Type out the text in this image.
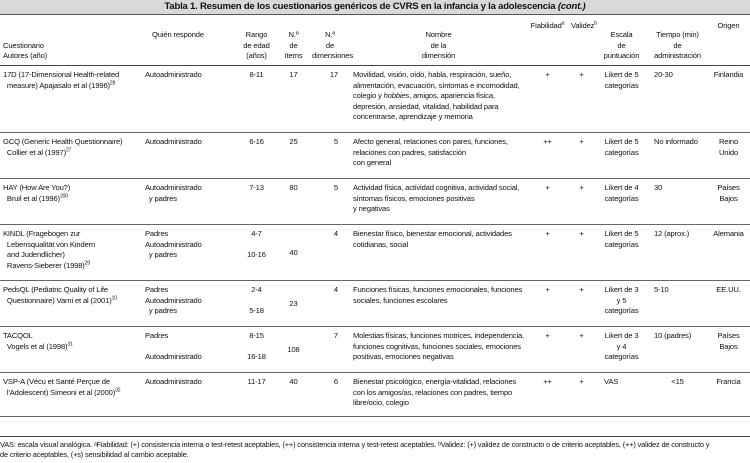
Tabla 1. Resumen de los cuestionarios genéricos de CVRS en la infancia y la adolescencia (cont.)
Cuestionario
Autores (año)	Quién responde	Rango
de edad
(años)	N.º
de
ítems	N.º
de
dimensiones	Nombre
de la
dimensión	Fiabilidad$^a$	Validez$^b$	Escala
de
puntuación	Tiempo (min)
de
administración	Origen
17D (17-Dimensional Health-related
measure) Apajasalo et al $(1996)^{28}$	Autoadministrado	8-11	17	17	Movilidad, visión, oído, habla, respiración, sueño,
alimentación, evacuación, síntomas e incomodidad,
colegio y hobbies, amigos, apariencia física,
depresión, ansiedad, vitalidad, habilidad para
concentrarse, aprendizaje y memoria	+	+	Likert de 5
categorías	20-30	Finlandia
GCQ (Generic Health Questionnaire)
Collier et al $(1997)^{27}$	Autoadministrado	6-16	25	5	Afecto general, relaciones con pares, funciones,
relaciones con padres, satisfacción
con general	++	+	Likert de 5
categorías	No informado	Reino
Unido
HAY (How Are You?)
Bruil et al $(1996)^{200}$	Autoadministrado
y padres	7-13	80	5	Actividad física, actividad cognitiva, actividad social,
síntomas físicos, emociones positivas
y negativas	+	+	Likert de 4
categorías	30	Países
Bajos
KINDL (Fragebogen zur
Lebensqualität von Kindern
and Judendlicher)
Ravens-Sieberer $(1998)^{29}$	Padres
Autoadministrado
y padres	4-7

10-16	40	4	Bienestar físico, bienestar emocional, actividades
cotidianas, social	+	+	Likert de 5
categorías	12 (aprox.)	Alemania
PedsQL (Pediatric Quality of Life
Questionnaire) Varni et al $(2001)^{10}$	Padres
Autoadministrado
y padres	2-4

5-18	23	4	Funciones físicas, funciones emocionales, funciones
sociales, funciones escolares	+	+	Likert de 3
y 5
categorías	5-10	EE.UU.
TACQOL
Vogels et al $(1998)^{31}$	Padres

Autoadministrado	8-15

16-18	108	7	Molestias físicas, funciones motrices, independencia,
funciones cognitivas, funciones sociales, emociones
positivas, emociones negativas	+	+	Likert de 3
y 4
categorías	10 (padres)	Países
Bajos
VSP-A (Vécu et Santé Perçue de
l'Adolescent) Simeoni et al $(2000)^{32}$	Autoadministrado	11-17	40	6	Bienestar psicológico, energía-vitalidad, relaciones
con los amigos/as, relaciones con padres, tiempo
libre/ocio, colegio	++	+	VAS	<15	Francia
VAS: escala visual analógica. ᵃFiabilidad: (+) consistencia interna o test-retest aceptables, (++) consistencia interna y test-retest aceptables. ᵇValidez: (+) validez de constructo o de criterio aceptables, (++) validez de constructo y
de criterio aceptables, (+s) sensibilidad al cambio aceptable.
